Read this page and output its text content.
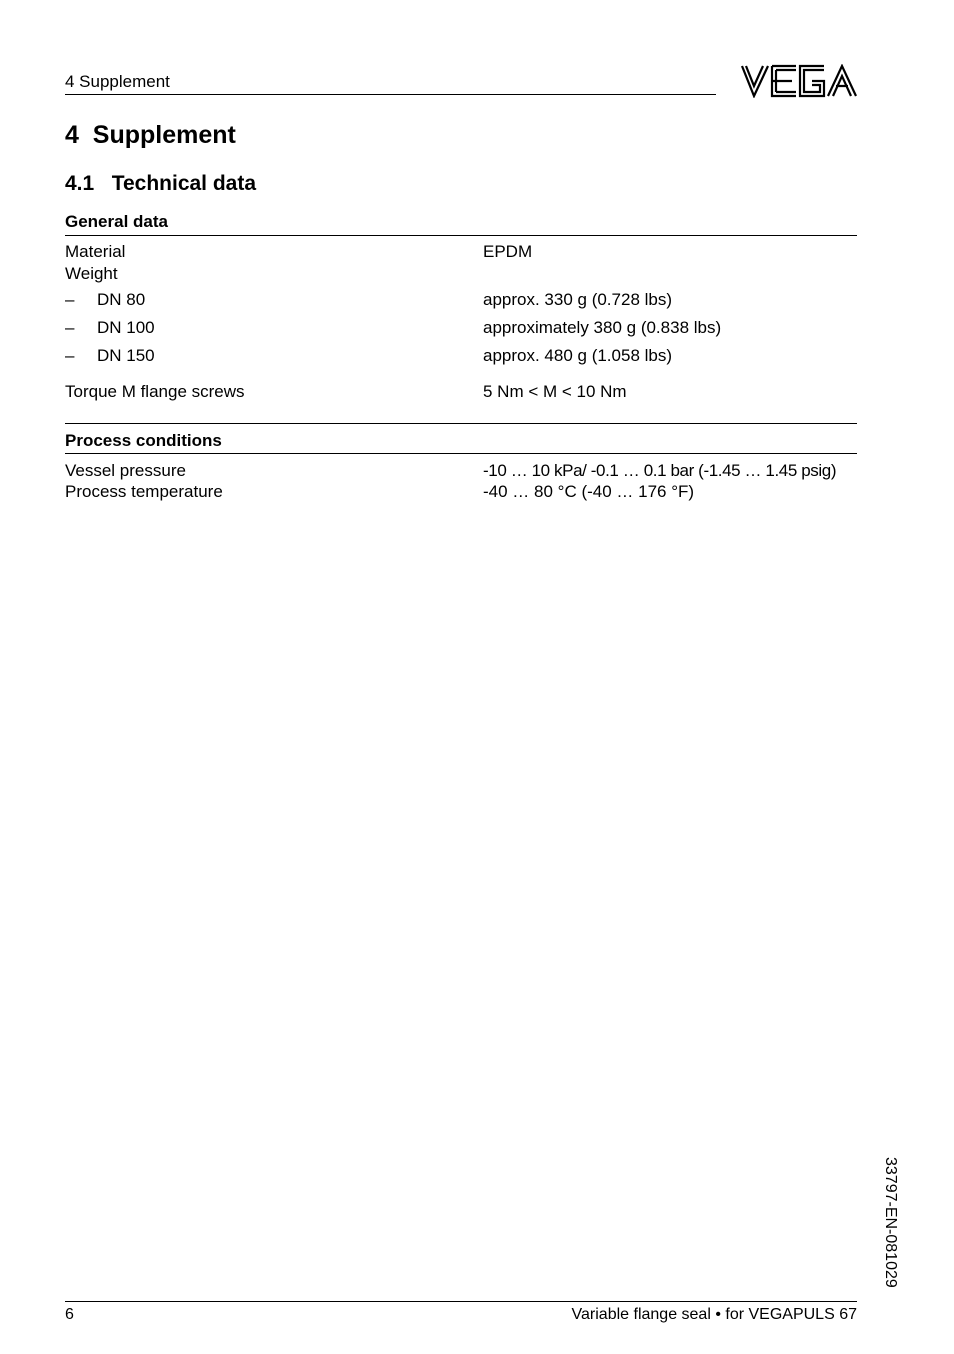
4 Supplement
4  Supplement
4.1   Technical data
General data
Material	EPDM
Weight
– DN 80	approx. 330 g (0.728 lbs)
– DN 100	approximately 380 g (0.838 lbs)
– DN 150	approx. 480 g (1.058 lbs)
Torque M flange screws	5 Nm < M < 10 Nm
Process conditions
Vessel pressure	-10 … 10 kPa/ -0.1 … 0.1 bar (-1.45 … 1.45 psig)
Process temperature	-40 … 80 °C (-40 … 176 °F)
33797-EN-081029
6	Variable flange seal • for VEGAPULS 67
